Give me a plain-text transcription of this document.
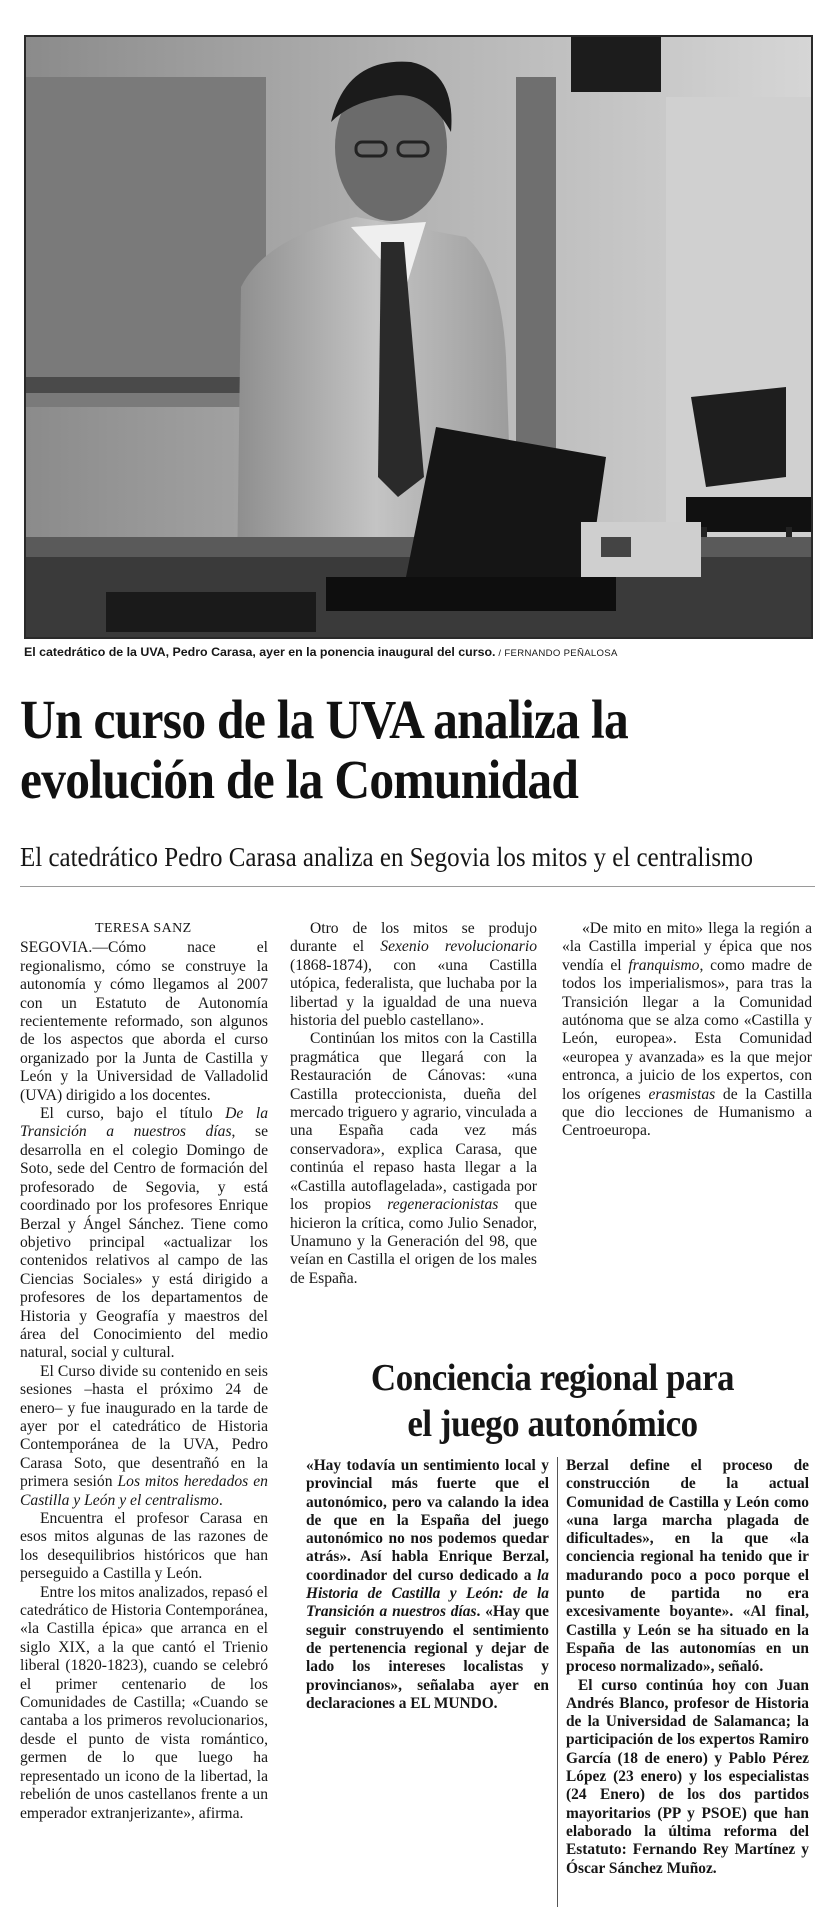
El catedrático de la UVA, Pedro Carasa, ayer en la ponencia inaugural del curso. / FERNANDO PEÑALOSA
Un curso de la UVA analiza la
evolución de la Comunidad
El catedrático Pedro Carasa analiza en Segovia los mitos y el centralismo
TERESA SANZ

SEGOVIA.—Cómo nace el regionalismo, cómo se construye la autonomía y cómo llegamos al 2007 con un Estatuto de Autonomía recientemente reformado, son algunos de los aspectos que aborda el curso organizado por la Junta de Castilla y León y la Universidad de Valladolid (UVA) dirigido a los docentes.

El curso, bajo el título De la Transición a nuestros días, se desarrolla en el colegio Domingo de Soto, sede del Centro de formación del profesorado de Segovia, y está coordinado por los profesores Enrique Berzal y Ángel Sánchez. Tiene como objetivo principal «actualizar los contenidos relativos al campo de las Ciencias Sociales» y está dirigido a profesores de los departamentos de Historia y Geografía y maestros del área del Conocimiento del medio natural, social y cultural.

El Curso divide su contenido en seis sesiones –hasta el próximo 24 de enero– y fue inaugurado en la tarde de ayer por el catedrático de Historia Contemporánea de la UVA, Pedro Carasa Soto, que desentrañó en la primera sesión Los mitos heredados en Castilla y León y el centralismo.

Encuentra el profesor Carasa en esos mitos algunas de las razones de los desequilibrios históricos que han perseguido a Castilla y León.

Entre los mitos analizados, repasó el catedrático de Historia Contemporánea, «la Castilla épica» que arranca en el siglo XIX, a la que cantó el Trienio liberal (1820-1823), cuando se celebró el primer centenario de los Comunidades de Castilla; «Cuando se cantaba a los primeros revolucionarios, desde el punto de vista romántico, germen de lo que luego ha representado un icono de la libertad, la rebelión de unos castellanos frente a un emperador extranjerizante», afirma.

Otro de los mitos se produjo durante el Sexenio revolucionario (1868-1874), con «una Castilla utópica, federalista, que luchaba por la libertad y la igualdad de una nueva historia del pueblo castellano».

Continúan los mitos con la Castilla pragmática que llegará con la Restauración de Cánovas: «una Castilla proteccionista, dueña del mercado triguero y agrario, vinculada a una España cada vez más conservadora», explica Carasa, que continúa el repaso hasta llegar a la «Castilla autoflagelada», castigada por los propios regeneracionistas que hicieron la crítica, como Julio Senador, Unamuno y la Generación del 98, que veían en Castilla el origen de los males de España.

«De mito en mito» llega la región a «la Castilla imperial y épica que nos vendía el franquismo, como madre de todos los imperialismos», para tras la Transición llegar a la Comunidad autónoma que se alza como «Castilla y León, europea». Esta Comunidad «europea y avanzada» es la que mejor entronca, a juicio de los expertos, con los orígenes erasmistas de la Castilla que dio lecciones de Humanismo a Centroeuropa.

Conciencia regional para
el juego autonómico

«Hay todavía un sentimiento local y provincial más fuerte que el autonómico, pero va calando la idea de que en la España del juego autonómico no nos podemos quedar atrás». Así habla Enrique Berzal, coordinador del curso dedicado a la Historia de Castilla y León: de la Transición a nuestros días. «Hay que seguir construyendo el sentimiento de pertenencia regional y dejar de lado los intereses localistas y provincianos», señalaba ayer en declaraciones a EL MUNDO.

Berzal define el proceso de construcción de la actual Comunidad de Castilla y León como «una larga marcha plagada de dificultades», en la que «la conciencia regional ha tenido que ir madurando poco a poco porque el punto de partida no era excesivamente boyante». «Al final, Castilla y León se ha situado en la España de las autonomías en un proceso normalizado», señaló.

El curso continúa hoy con Juan Andrés Blanco, profesor de Historia de la Universidad de Salamanca; la participación de los expertos Ramiro García (18 de enero) y Pablo Pérez López (23 enero) y los especialistas (24 Enero) de los dos partidos mayoritarios (PP y PSOE) que han elaborado la última reforma del Estatuto: Fernando Rey Martínez y Óscar Sánchez Muñoz.
